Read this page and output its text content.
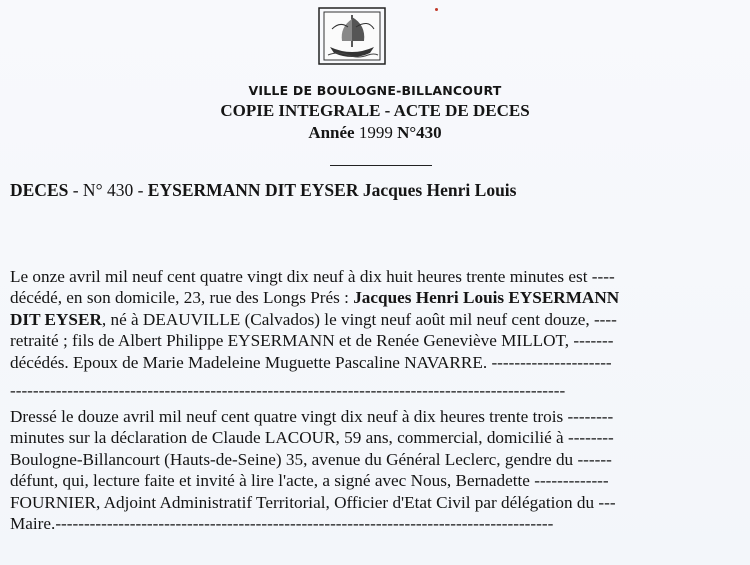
VILLE DE BOULOGNE-BILLANCOURT
COPIE INTEGRALE - ACTE DE DECES
Année 1999 N°430
DECES - N° 430 - EYSERMANN DIT EYSER Jacques Henri Louis
Le onze avril mil neuf cent quatre vingt dix neuf à dix huit heures trente minutes est ----
décédé, en son domicile, 23, rue des Longs Prés : Jacques Henri Louis EYSERMANN
DIT EYSER, né à DEAUVILLE (Calvados) le vingt neuf août mil neuf cent douze, ----
retraité ; fils de Albert Philippe EYSERMANN et de Renée Geneviève MILLOT, -------
décédés. Epoux de Marie Madeleine Muguette Pascaline NAVARRE. ---------------------
-------------------------------------------------------------------------------------------------
Dressé le douze avril mil neuf cent quatre vingt dix neuf à dix heures trente trois --------
minutes sur la déclaration de Claude LACOUR, 59 ans, commercial, domicilié à --------
Boulogne-Billancourt (Hauts-de-Seine) 35, avenue du Général Leclerc, gendre du ------
défunt, qui, lecture faite et invité à lire l'acte, a signé avec Nous, Bernadette -------------
FOURNIER, Adjoint Administratif Territorial, Officier d'Etat Civil par délégation du ---
Maire.---------------------------------------------------------------------------------------
